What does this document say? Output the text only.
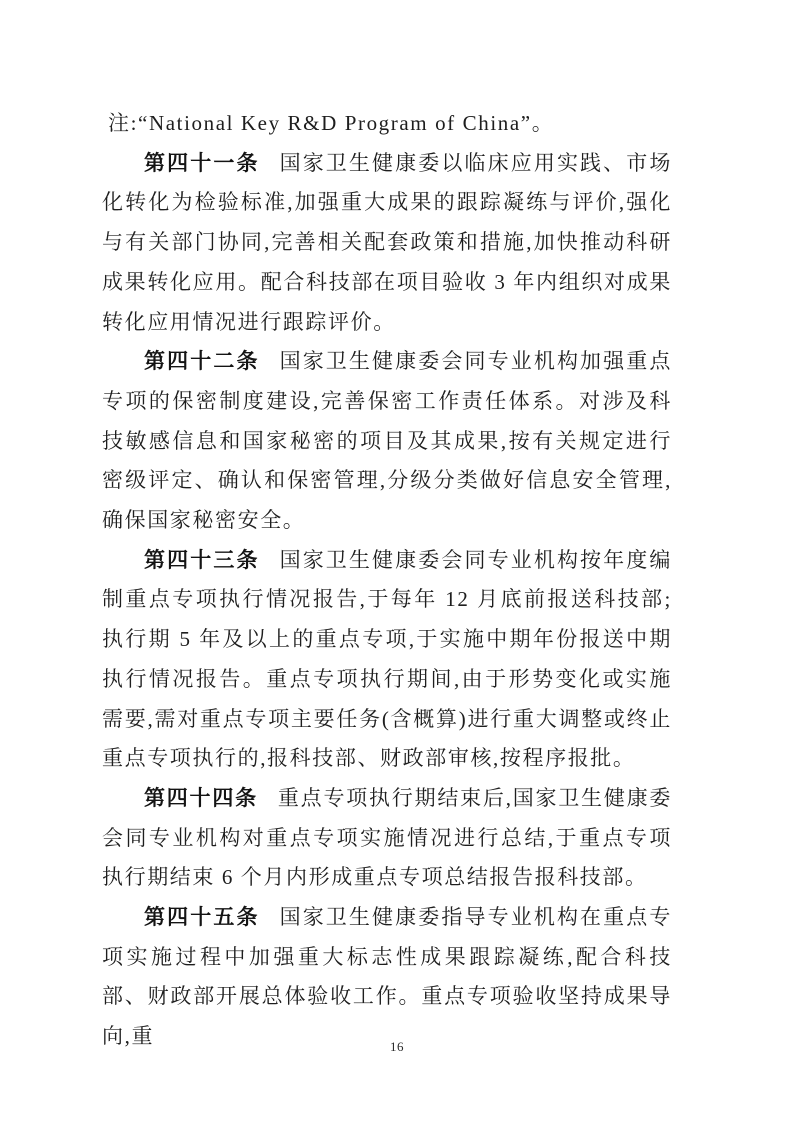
注:“National Key R&D Program of China”。

第四十一条 国家卫生健康委以临床应用实践、市场化转化为检验标准,加强重大成果的跟踪凝练与评价,强化与有关部门协同,完善相关配套政策和措施,加快推动科研成果转化应用。配合科技部在项目验收 3 年内组织对成果转化应用情况进行跟踪评价。

第四十二条 国家卫生健康委会同专业机构加强重点专项的保密制度建设,完善保密工作责任体系。对涉及科技敏感信息和国家秘密的项目及其成果,按有关规定进行密级评定、确认和保密管理,分级分类做好信息安全管理,确保国家秘密安全。

第四十三条 国家卫生健康委会同专业机构按年度编制重点专项执行情况报告,于每年 12 月底前报送科技部;执行期 5 年及以上的重点专项,于实施中期年份报送中期执行情况报告。重点专项执行期间,由于形势变化或实施需要,需对重点专项主要任务(含概算)进行重大调整或终止重点专项执行的,报科技部、财政部审核,按程序报批。

第四十四条 重点专项执行期结束后,国家卫生健康委会同专业机构对重点专项实施情况进行总结,于重点专项执行期结束 6 个月内形成重点专项总结报告报科技部。

第四十五条 国家卫生健康委指导专业机构在重点专项实施过程中加强重大标志性成果跟踪凝练,配合科技部、财政部开展总体验收工作。重点专项验收坚持成果导向,重	16
